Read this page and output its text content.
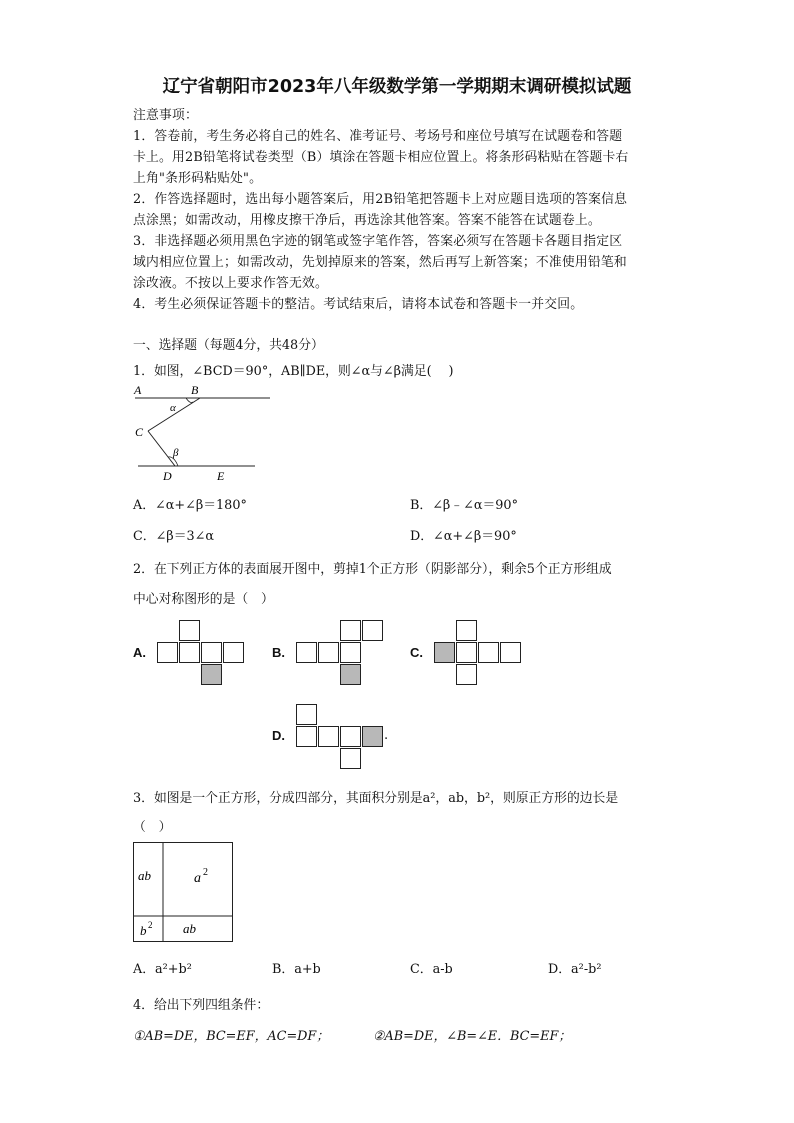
辽宁省朝阳市2023年八年级数学第一学期期末调研模拟试题
注意事项：
1．答卷前，考生务必将自己的姓名、准考证号、考场号和座位号填写在试题卷和答题
卡上。用2B铅笔将试卷类型（B）填涂在答题卡相应位置上。将条形码粘贴在答题卡右
上角"条形码粘贴处"。
2．作答选择题时，选出每小题答案后，用2B铅笔把答题卡上对应题目选项的答案信息
点涂黑；如需改动，用橡皮擦干净后，再选涂其他答案。答案不能答在试题卷上。
3．非选择题必须用黑色字迹的钢笔或签字笔作答，答案必须写在答题卡各题目指定区
域内相应位置上；如需改动，先划掉原来的答案，然后再写上新答案；不准使用铅笔和
涂改液。不按以上要求作答无效。
4．考生必须保证答题卡的整洁。考试结束后，请将本试卷和答题卡一并交回。
一、选择题（每题4分，共48分）
1．如图，∠BCD＝90°，AB∥DE，则∠α与∠β满足(　 )
A	B
C
D	E
α
β
A．∠α+∠β＝180°	B．∠β﹣∠α＝90°
C．∠β＝3∠α	D．∠α+∠β＝90°
2．在下列正方体的表面展开图中，剪掉1个正方形（阴影部分），剩余5个正方形组成
中心对称图形的是（　）
A.	B.	C.
D.	.
3．如图是一个正方形，分成四部分，其面积分别是a²，ab，b²，则原正方形的边长是
（　）
ab	a 2
b 2 ab
A．a²+b²	B．a+b	C．a-b	D．a²-b²
4．给出下列四组条件：
①AB=DE，BC=EF，AC=DF；	②AB=DE，∠B=∠E．BC=EF；
